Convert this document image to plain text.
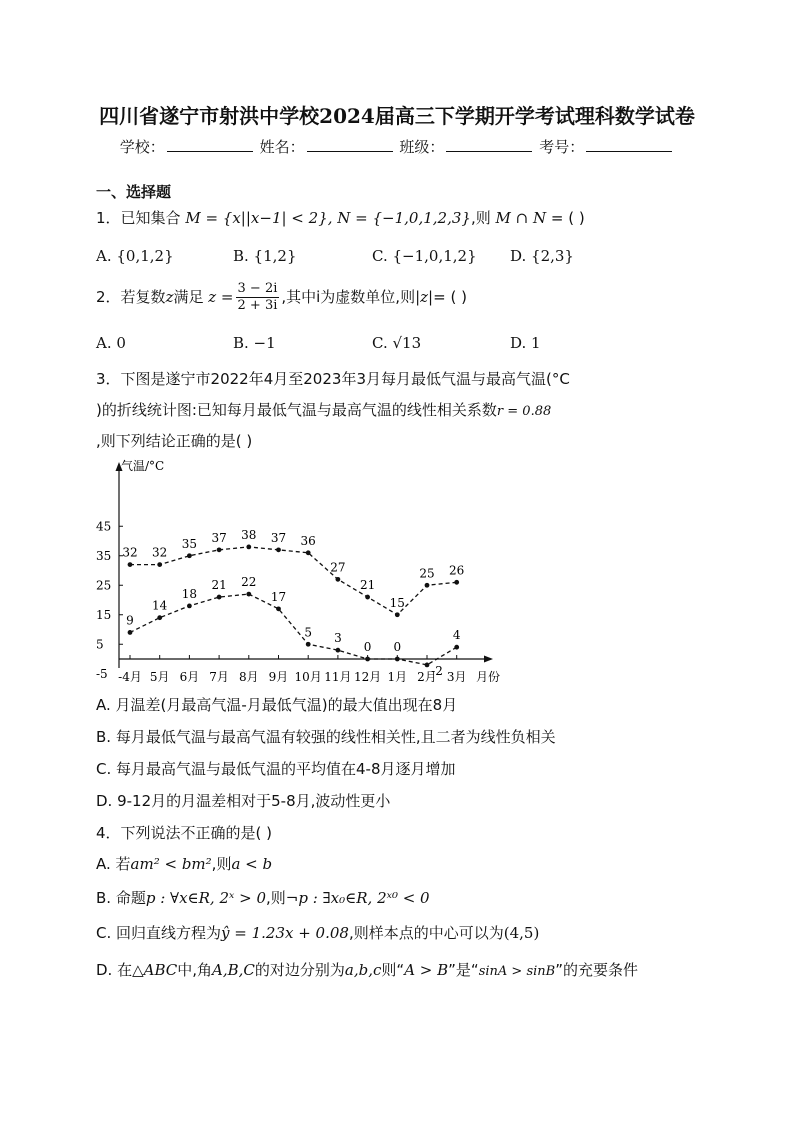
四川省遂宁市射洪中学校2024届高三下学期开学考试理科数学试卷
学校：	姓名：	班级：	考号：
一、选择题
1．已知集合 M = {x||x−1| < 2}, N = {−1,0,1,2,3},则 M ∩ N = ( )
A. {0,1,2}	B. {1,2}	C. {−1,0,1,2} D. {2,3}
2．若复数z满足 $z = \frac{3 - 2i}{2 + 3i}$ ,其中i为虚数单位,则|z|= ( )
A. 0	B. −1	C. √13	D. 1
3．下图是遂宁市2022年4月至2023年3月每月最低气温与最高气温(°C
)的折线统计图:已知每月最低气温与最高气温的线性相关系数r = 0.88
,则下列结论正确的是( )
气温/°C
-5
5
15
25
35
45
-4月 5月 6月 7月 8月 9月 10月 11月 12月 1月 2月 3月 月份
32 32
35 37 38 37 36
27
21
15
25 26
9
14
18
21 22
17
5 3
0 0
-2
4
A. 月温差(月最高气温-月最低气温)的最大值出现在8月
B. 每月最低气温与最高气温有较强的线性相关性,且二者为线性负相关
C. 每月最高气温与最低气温的平均值在4-8月逐月增加
D. 9-12月的月温差相对于5-8月,波动性更小
4．下列说法不正确的是( )
A. 若am² < bm²,则a < b
B. 命题p : ∀x∈R, 2ˣ > 0,则¬p : ∃x₀∈R, 2ˣ⁰ < 0
C. 回归直线方程为ŷ = 1.23x + 0.08,则样本点的中心可以为(4,5)
D. 在△ABC中,角A,B,C的对边分别为a,b,c则“A > B”是“sinA > sinB”的充要条件
